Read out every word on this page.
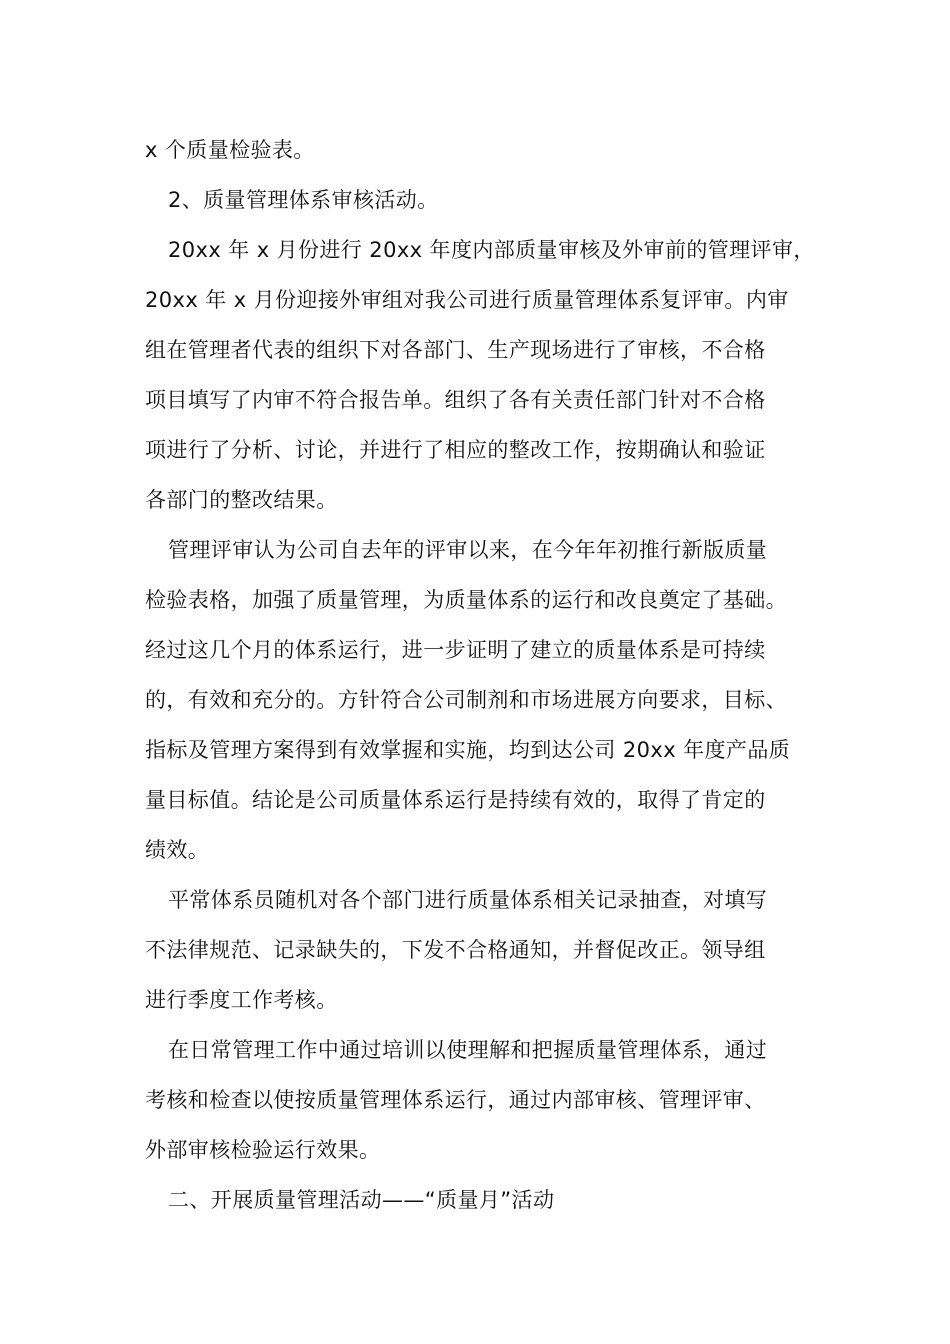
x 个质量检验表。
2、质量管理体系审核活动。
20xx 年 x 月份进行 20xx 年度内部质量审核及外审前的管理评审，
20xx 年 x 月份迎接外审组对我公司进行质量管理体系复评审。内审
组在管理者代表的组织下对各部门、生产现场进行了审核，不合格
项目填写了内审不符合报告单。组织了各有关责任部门针对不合格
项进行了分析、讨论，并进行了相应的整改工作，按期确认和验证
各部门的整改结果。
管理评审认为公司自去年的评审以来，在今年年初推行新版质量
检验表格，加强了质量管理，为质量体系的运行和改良奠定了基础。
经过这几个月的体系运行，进一步证明了建立的质量体系是可持续
的，有效和充分的。方针符合公司制剂和市场进展方向要求，目标、
指标及管理方案得到有效掌握和实施，均到达公司 20xx 年度产品质
量目标值。结论是公司质量体系运行是持续有效的，取得了肯定的
绩效。
平常体系员随机对各个部门进行质量体系相关记录抽查，对填写
不法律规范、记录缺失的，下发不合格通知，并督促改正。领导组
进行季度工作考核。
在日常管理工作中通过培训以使理解和把握质量管理体系，通过
考核和检查以使按质量管理体系运行，通过内部审核、管理评审、
外部审核检验运行效果。
二、开展质量管理活动——“质量月”活动
